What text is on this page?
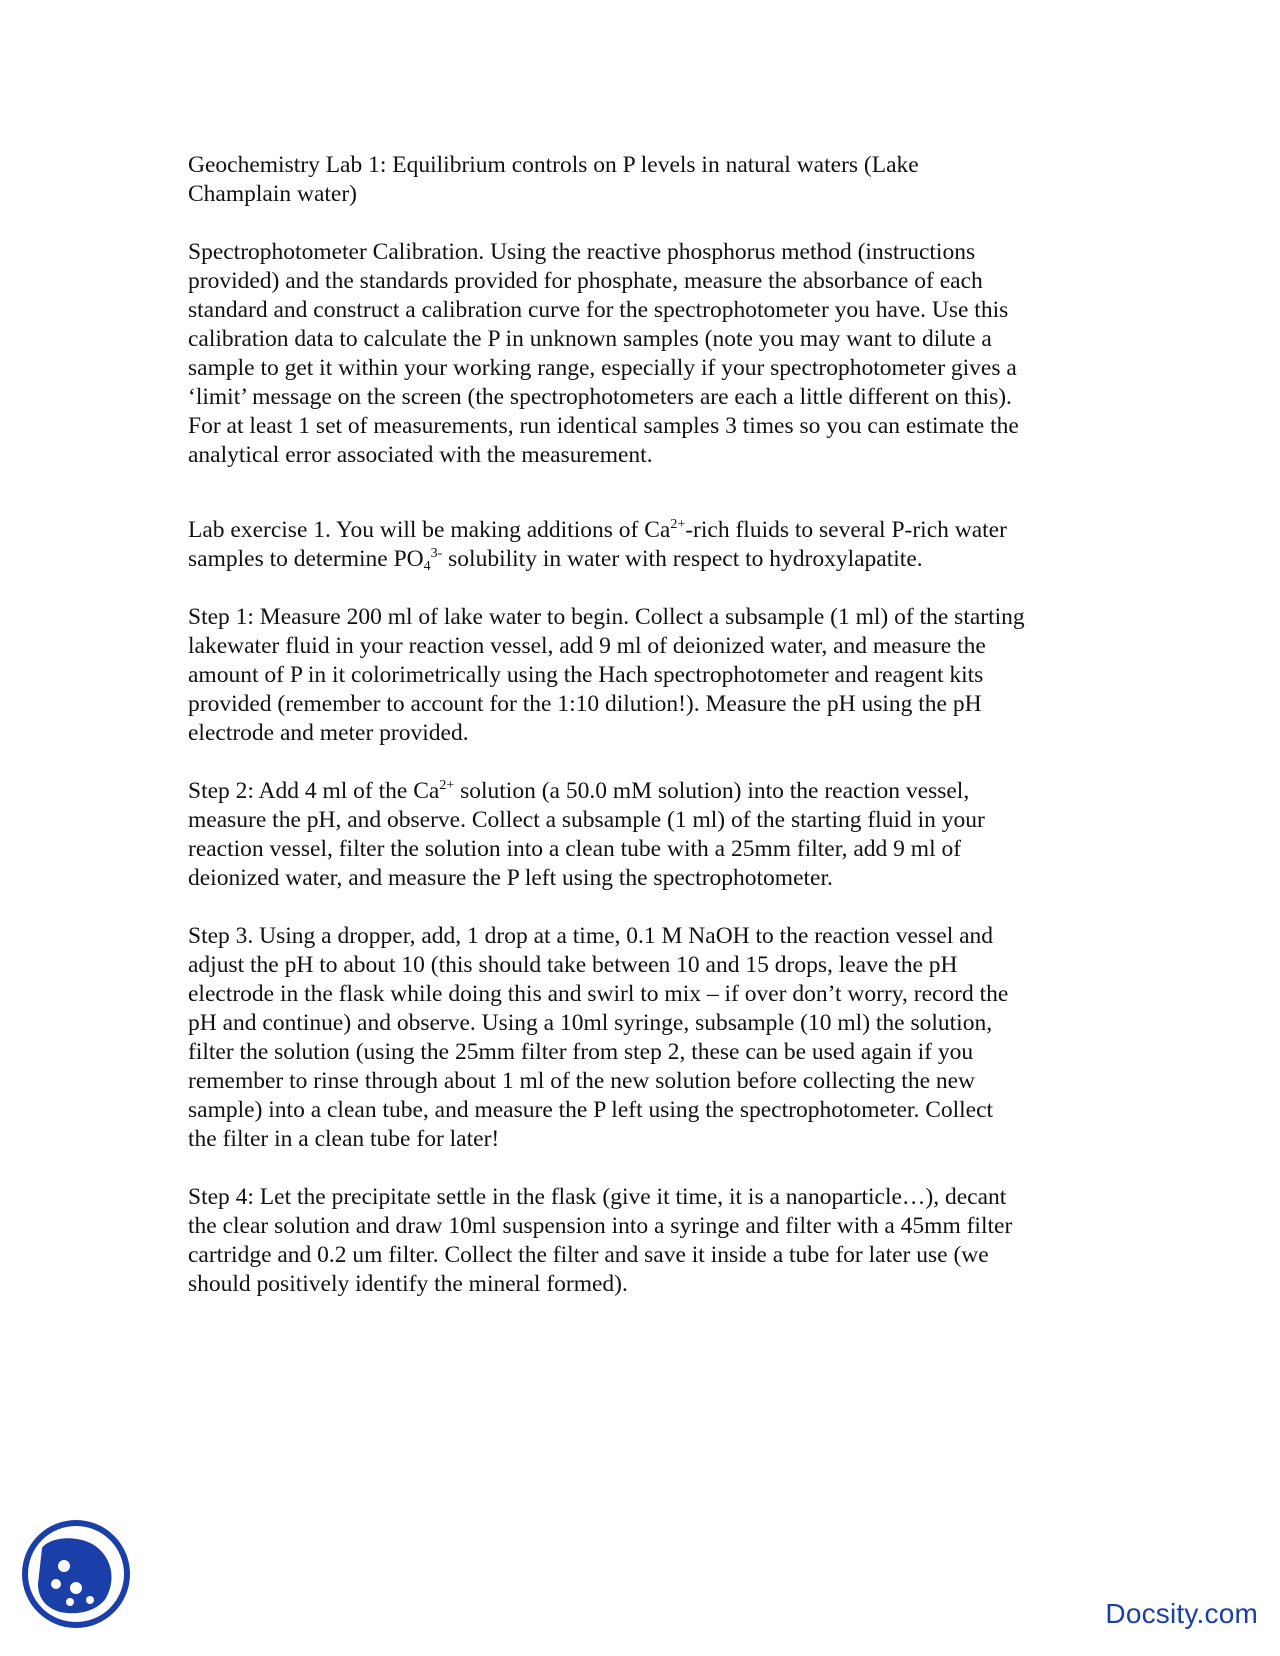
Geochemistry Lab 1: Equilibrium controls on P levels in natural waters (Lake
Champlain water)

Spectrophotometer Calibration. Using the reactive phosphorus method (instructions
provided) and the standards provided for phosphate, measure the absorbance of each
standard and construct a calibration curve for the spectrophotometer you have. Use this
calibration data to calculate the P in unknown samples (note you may want to dilute a
sample to get it within your working range, especially if your spectrophotometer gives a
‘limit’ message on the screen (the spectrophotometers are each a little different on this).
For at least 1 set of measurements, run identical samples 3 times so you can estimate the
analytical error associated with the measurement.

Lab exercise 1. You will be making additions of $Ca^{2+}$-rich fluids to several P-rich water
samples to determine $PO_4^{3-}$ solubility in water with respect to hydroxylapatite.

Step 1: Measure 200 ml of lake water to begin. Collect a subsample (1 ml) of the starting
lakewater fluid in your reaction vessel, add 9 ml of deionized water, and measure the
amount of P in it colorimetrically using the Hach spectrophotometer and reagent kits
provided (remember to account for the 1:10 dilution!). Measure the pH using the pH
electrode and meter provided.

Step 2: Add 4 ml of the $Ca^{2+}$ solution (a 50.0 mM solution) into the reaction vessel,
measure the pH, and observe. Collect a subsample (1 ml) of the starting fluid in your
reaction vessel, filter the solution into a clean tube with a 25mm filter, add 9 ml of
deionized water, and measure the P left using the spectrophotometer.

Step 3. Using a dropper, add, 1 drop at a time, 0.1 M NaOH to the reaction vessel and
adjust the pH to about 10 (this should take between 10 and 15 drops, leave the pH
electrode in the flask while doing this and swirl to mix – if over don’t worry, record the
pH and continue) and observe. Using a 10ml syringe, subsample (10 ml) the solution,
filter the solution (using the 25mm filter from step 2, these can be used again if you
remember to rinse through about 1 ml of the new solution before collecting the new
sample) into a clean tube, and measure the P left using the spectrophotometer. Collect
the filter in a clean tube for later!

Step 4: Let the precipitate settle in the flask (give it time, it is a nanoparticle…), decant
the clear solution and draw 10ml suspension into a syringe and filter with a 45mm filter
cartridge and 0.2 um filter. Collect the filter and save it inside a tube for later use (we
should positively identify the mineral formed).

Docsity.com
